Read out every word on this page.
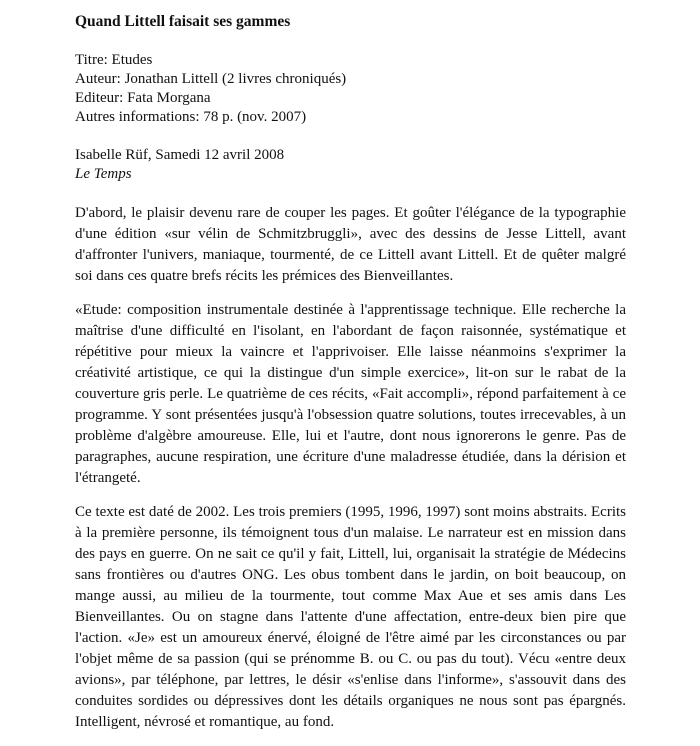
Quand Littell faisait ses gammes
Titre: Etudes
Auteur: Jonathan Littell (2 livres chroniqués)
Editeur: Fata Morgana
Autres informations: 78 p. (nov. 2007)
Isabelle Rüf, Samedi 12 avril 2008
Le Temps

D'abord, le plaisir devenu rare de couper les pages. Et goûter l'élégance de la typographie d'une édition «sur vélin de Schmitzbruggli», avec des dessins de Jesse Littell, avant d'affronter l'univers, maniaque, tourmenté, de ce Littell avant Littell. Et de quêter malgré soi dans ces quatre brefs récits les prémices des Bienveillantes.

«Etude: composition instrumentale destinée à l'apprentissage technique. Elle recherche la maîtrise d'une difficulté en l'isolant, en l'abordant de façon raisonnée, systématique et répétitive pour mieux la vaincre et l'apprivoiser. Elle laisse néanmoins s'exprimer la créativité artistique, ce qui la distingue d'un simple exercice», lit-on sur le rabat de la couverture gris perle. Le quatrième de ces récits, «Fait accompli», répond parfaitement à ce programme. Y sont présentées jusqu'à l'obsession quatre solutions, toutes irrecevables, à un problème d'algèbre amoureuse. Elle, lui et l'autre, dont nous ignorerons le genre. Pas de paragraphes, aucune respiration, une écriture d'une maladresse étudiée, dans la dérision et l'étrangeté.

Ce texte est daté de 2002. Les trois premiers (1995, 1996, 1997) sont moins abstraits. Ecrits à la première personne, ils témoignent tous d'un malaise. Le narrateur est en mission dans des pays en guerre. On ne sait ce qu'il y fait, Littell, lui, organisait la stratégie de Médecins sans frontières ou d'autres ONG. Les obus tombent dans le jardin, on boit beaucoup, on mange aussi, au milieu de la tourmente, tout comme Max Aue et ses amis dans Les Bienveillantes. Ou on stagne dans l'attente d'une affectation, entre-deux bien pire que l'action. «Je» est un amoureux énervé, éloigné de l'être aimé par les circonstances ou par l'objet même de sa passion (qui se prénomme B. ou C. ou pas du tout). Vécu «entre deux avions», par téléphone, par lettres, le désir «s'enlise dans l'informe», s'assouvit dans des conduites sordides ou dépressives dont les détails organiques ne nous sont pas épargnés. Intelligent, névrosé et romantique, au fond.
